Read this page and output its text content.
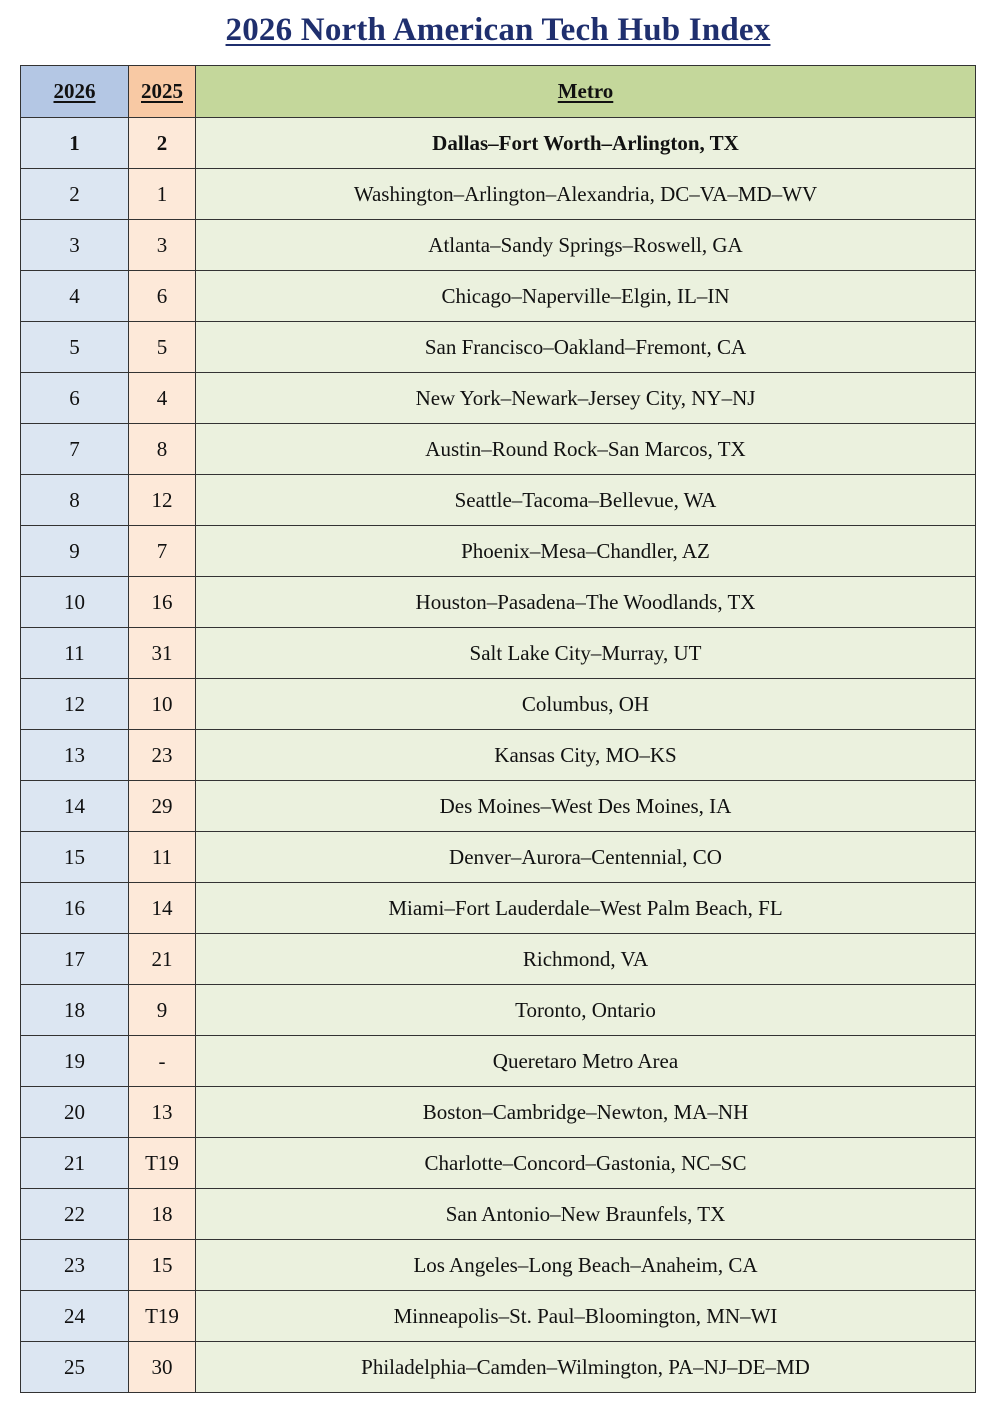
2026 North American Tech Hub Index
2026	2025	Metro
1	2	Dallas–Fort Worth–Arlington, TX
2	1	Washington–Arlington–Alexandria, DC–VA–MD–WV
3	3	Atlanta–Sandy Springs–Roswell, GA
4	6	Chicago–Naperville–Elgin, IL–IN
5	5	San Francisco–Oakland–Fremont, CA
6	4	New York–Newark–Jersey City, NY–NJ
7	8	Austin–Round Rock–San Marcos, TX
8	12	Seattle–Tacoma–Bellevue, WA
9	7	Phoenix–Mesa–Chandler, AZ
10	16	Houston–Pasadena–The Woodlands, TX
11	31	Salt Lake City–Murray, UT
12	10	Columbus, OH
13	23	Kansas City, MO–KS
14	29	Des Moines–West Des Moines, IA
15	11	Denver–Aurora–Centennial, CO
16	14	Miami–Fort Lauderdale–West Palm Beach, FL
17	21	Richmond, VA
18	9	Toronto, Ontario
19	-	Queretaro Metro Area
20	13	Boston–Cambridge–Newton, MA–NH
21	T19	Charlotte–Concord–Gastonia, NC–SC
22	18	San Antonio–New Braunfels, TX
23	15	Los Angeles–Long Beach–Anaheim, CA
24	T19	Minneapolis–St. Paul–Bloomington, MN–WI
25	30	Philadelphia–Camden–Wilmington, PA–NJ–DE–MD
